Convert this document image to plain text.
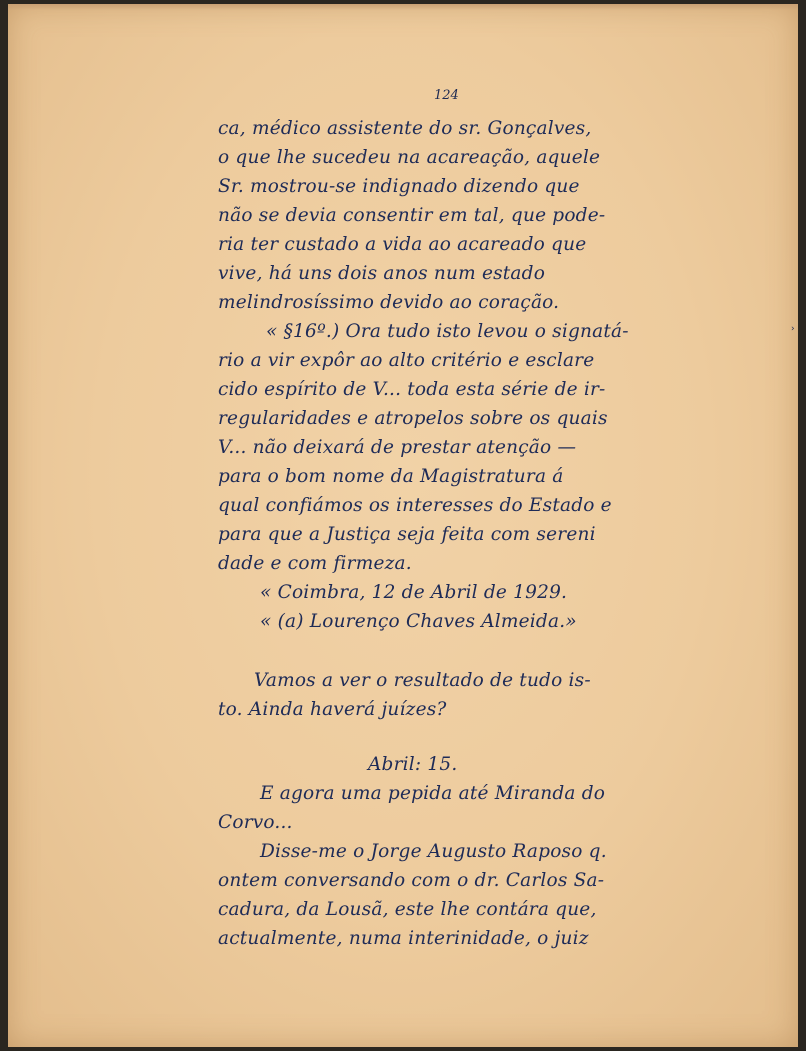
124
ca, médico assistente do sr. Gonçalves,
o que lhe sucedeu na acareação, aquele
Sr. mostrou-se indignado dizendo que
não se devia consentir em tal, que pode-
ria ter custado a vida ao acareado que
vive, há uns dois anos num estado
melindrosíssimo devido ao coração.
« §16º.) Ora tudo isto levou o signatá-
rio a vir expôr ao alto critério e esclare
cido espírito de V... toda esta série de ir-
regularidades e atropelos sobre os quais
V... não deixará de prestar atenção —
para o bom nome da Magistratura á
qual confiámos os interesses do Estado e
para que a Justiça seja feita com sereni
dade e com firmeza.
« Coimbra, 12 de Abril de 1929.
« (a) Lourenço Chaves Almeida.»
Vamos a ver o resultado de tudo is-
to. Ainda haverá juízes?
Abril: 15.
E agora uma pepida até Miranda do
Corvo...
Disse-me o Jorge Augusto Raposo q.
ontem conversando com o dr. Carlos Sa-
cadura, da Lousã, este lhe contára que,
actualmente, numa interinidade, o juiz
›
